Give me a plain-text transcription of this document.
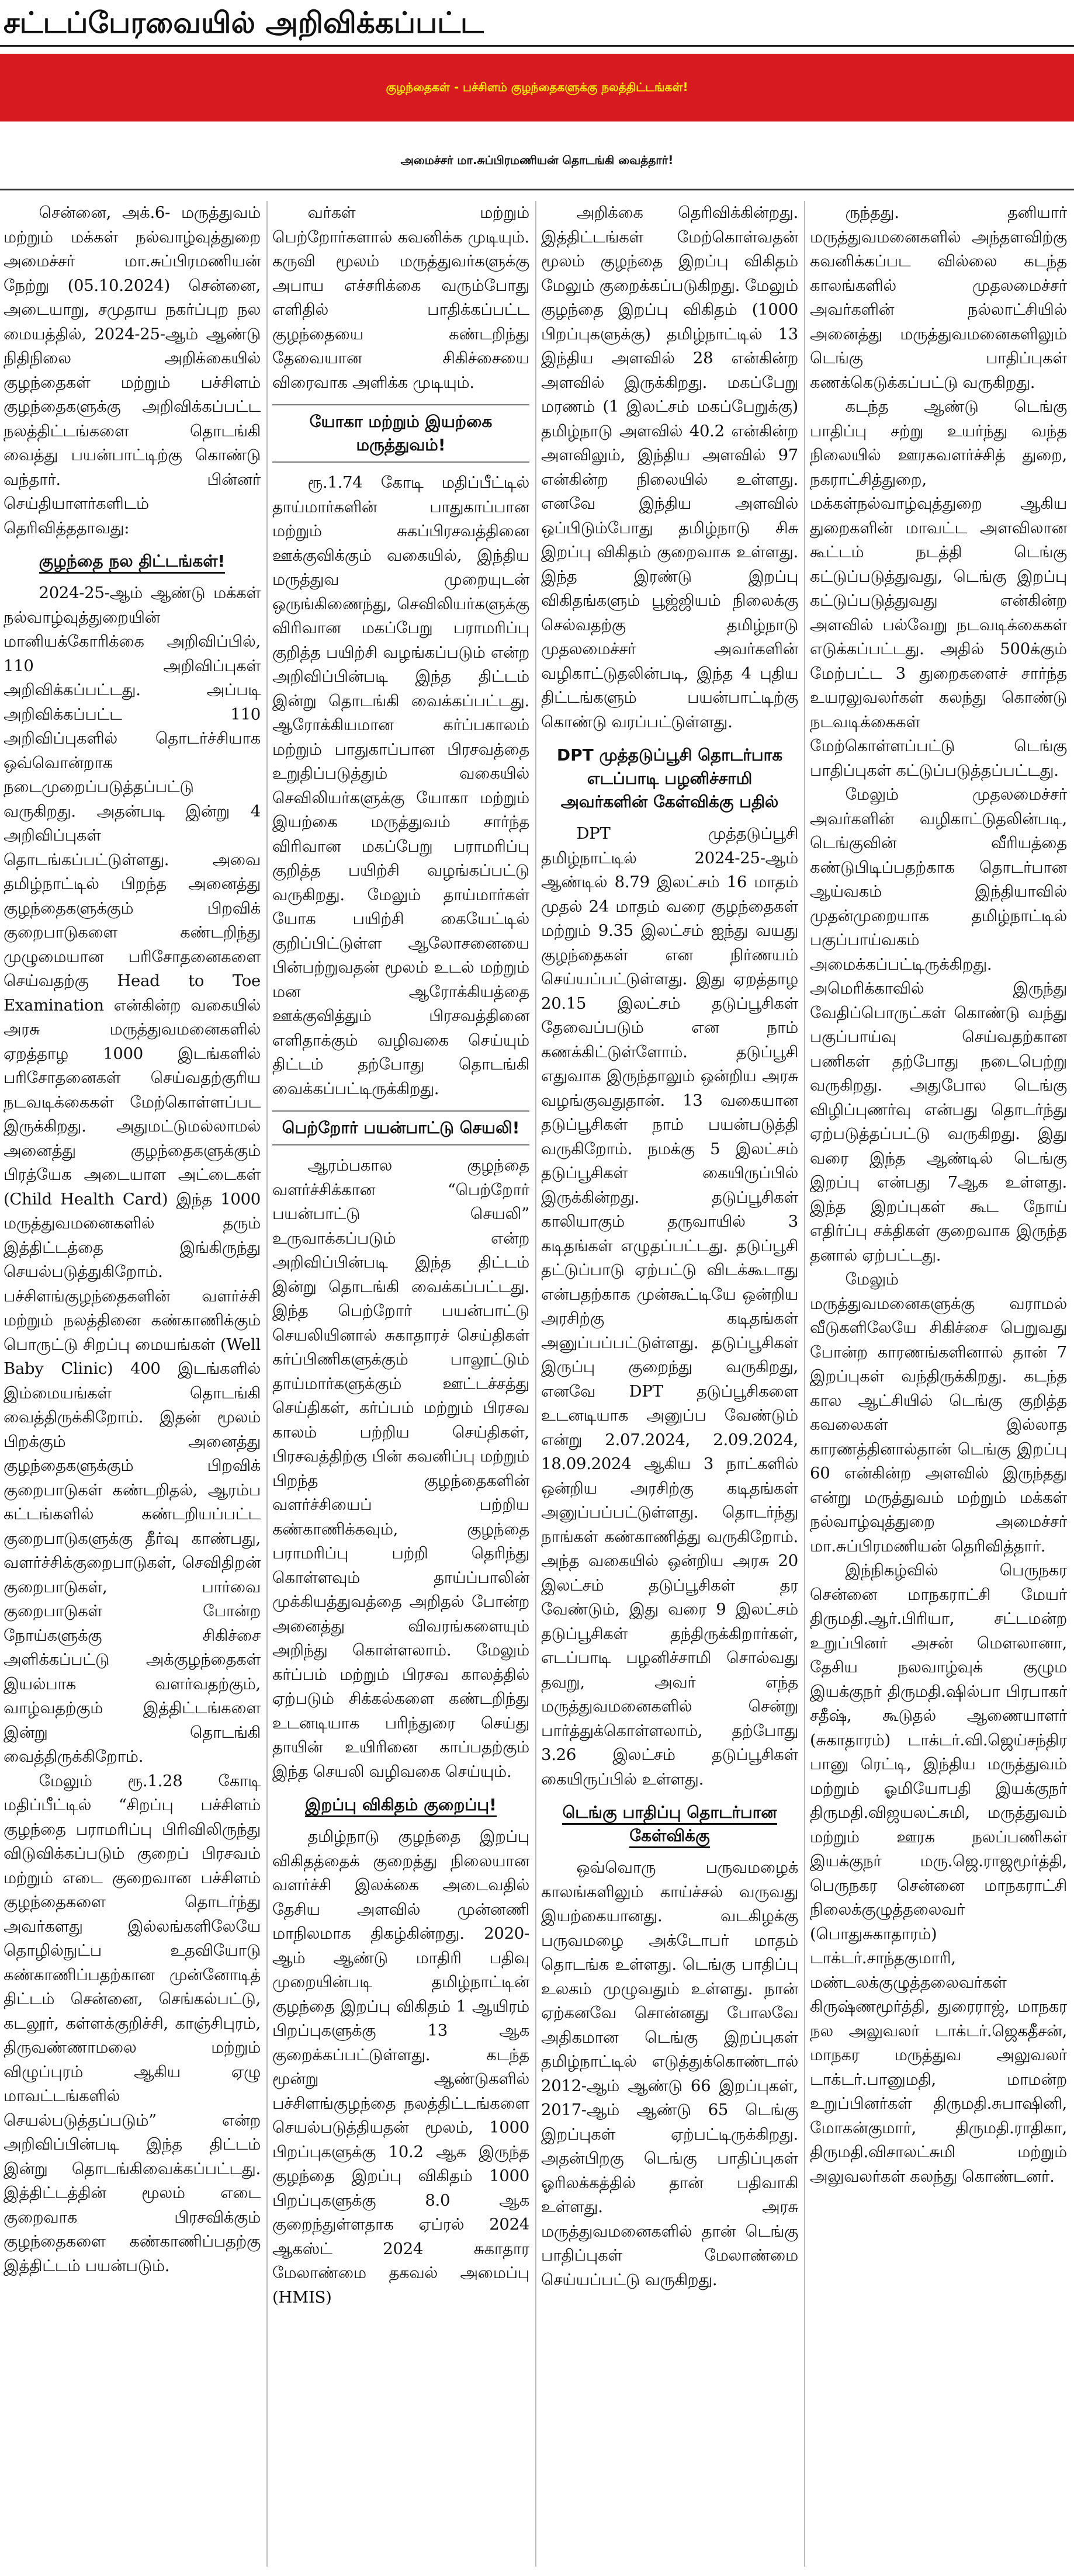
சட்டப்பேரவையில் அறிவிக்கப்பட்ட
குழந்தைகள் - பச்சிளம் குழந்தைகளுக்கு நலத்திட்டங்கள்!
அமைச்சர் மா.சுப்பிரமணியன் தொடங்கி வைத்தார்!

சென்னை, அக்.6- மருத்துவம் மற்றும் மக்கள் நல்வாழ்வுத்துறை அமைச்சர் மா.சுப்பிரமணியன் நேற்று (05.10.2024) சென்னை, அடையாறு, சமுதாய நகர்ப்புற நல மையத்தில், 2024-25-ஆம் ஆண்டு நிதிநிலை அறிக்கையில் குழந்தைகள் மற்றும் பச்சிளம் குழந்தைகளுக்கு அறிவிக்கப்பட்ட நலத்திட்டங்களை தொடங்கி வைத்து பயன்பாட்டிற்கு கொண்டு வந்தார். பின்னர் செய்தியாளர்களிடம் தெரிவித்ததாவது:

குழந்தை நல திட்டங்கள்!

2024-25-ஆம் ஆண்டு மக்கள் நல்வாழ்வுத்துறையின் மானியக்கோரிக்கை அறிவிப்பில், 110 அறிவிப்புகள் அறிவிக்கப்பட்டது. அப்படி அறிவிக்கப்பட்ட 110 அறிவிப்புகளில் தொடர்ச்சியாக ஒவ்வொன்றாக நடைமுறைப்படுத்தப்பட்டு வருகிறது. அதன்படி இன்று 4 அறிவிப்புகள் தொடங்கப்பட்டுள்ளது. அவை தமிழ்நாட்டில் பிறந்த அனைத்து குழந்தைகளுக்கும் பிறவிக் குறைபாடுகளை கண்டறிந்து முழுமையான பரிசோதனைகளை செய்வதற்கு Head to Toe Examination என்கின்ற வகையில் அரசு மருத்துவமனைகளில் ஏறத்தாழ 1000 இடங்களில் பரிசோதனைகள் செய்வதற்குரிய நடவடிக்கைகள் மேற்கொள்ளப்பட இருக்கிறது. அதுமட்டுமல்லாமல் அனைத்து குழந்தைகளுக்கும் பிரத்யேக அடையாள அட்டைகள் (Child Health Card) இந்த 1000 மருத்துவமனைகளில் தரும் இத்திட்டத்தை இங்கிருந்து செயல்படுத்துகிறோம். பச்சிளங்குழந்தைகளின் வளர்ச்சி மற்றும் நலத்தினை கண்காணிக்கும் பொருட்டு சிறப்பு மையங்கள் (Well Baby Clinic) 400 இடங்களில் இம்மையங்கள் தொடங்கி வைத்திருக்கிறோம். இதன் மூலம் பிறக்கும் அனைத்து குழந்தைகளுக்கும் பிறவிக் குறைபாடுகள் கண்டறிதல், ஆரம்ப கட்டங்களில் கண்டறியப்பட்ட குறைபாடுகளுக்கு தீர்வு காண்பது, வளர்ச்சிக்குறைபாடுகள், செவிதிறன் குறைபாடுகள், பார்வை குறைபாடுகள் போன்ற நோய்களுக்கு சிகிச்சை அளிக்கப்பட்டு அக்குழந்தைகள் இயல்பாக வளர்வதற்கும், வாழ்வதற்கும் இத்திட்டங்களை இன்று தொடங்கி வைத்திருக்கிறோம்.

மேலும் ரூ.1.28 கோடி மதிப்பீட்டில் “சிறப்பு பச்சிளம் குழந்தை பராமரிப்பு பிரிவிலிருந்து விடுவிக்கப்படும் குறைப் பிரசவம் மற்றும் எடை குறைவான பச்சிளம் குழந்தைகளை தொடர்ந்து அவர்களது இல்லங்களிலேயே தொழில்நுட்ப உதவியோடு கண்காணிப்பதற்கான முன்னோடித் திட்டம் சென்னை, செங்கல்பட்டு, கடலூர், கள்ளக்குறிச்சி, காஞ்சிபுரம், திருவண்ணாமலை மற்றும் விழுப்புரம் ஆகிய ஏழு மாவட்டங்களில் செயல்படுத்தப்படும்” என்ற அறிவிப்பின்படி இந்த திட்டம் இன்று தொடங்கிவைக்கப்பட்டது. இத்திட்டத்தின் மூலம் எடை குறைவாக பிரசவிக்கும் குழந்தைகளை கண்காணிப்பதற்கு இத்திட்டம் பயன்படும்.

வர்கள் மற்றும் பெற்றோர்களால் கவனிக்க முடியும். கருவி மூலம் மருத்துவர்களுக்கு அபாய எச்சரிக்கை வரும்போது எளிதில் பாதிக்கப்பட்ட குழந்தையை கண்டறிந்து தேவையான சிகிச்சையை விரைவாக அளிக்க முடியும்.

யோகா மற்றும் இயற்கை மருத்துவம்!

ரூ.1.74 கோடி மதிப்பீட்டில் தாய்மார்களின் பாதுகாப்பான மற்றும் சுகப்பிரசவத்தினை ஊக்குவிக்கும் வகையில், இந்திய மருத்துவ முறையுடன் ஒருங்கிணைந்து, செவிலியர்களுக்கு விரிவான மகப்பேறு பராமரிப்பு குறித்த பயிற்சி வழங்கப்படும் என்ற அறிவிப்பின்படி இந்த திட்டம் இன்று தொடங்கி வைக்கப்பட்டது. ஆரோக்கியமான கர்ப்பகாலம் மற்றும் பாதுகாப்பான பிரசவத்தை உறுதிப்படுத்தும் வகையில் செவிலியர்களுக்கு யோகா மற்றும் இயற்கை மருத்துவம் சார்ந்த விரிவான மகப்பேறு பராமரிப்பு குறித்த பயிற்சி வழங்கப்பட்டு வருகிறது. மேலும் தாய்மார்கள் யோக பயிற்சி கையேட்டில் குறிப்பிட்டுள்ள ஆலோசனையை பின்பற்றுவதன் மூலம் உடல் மற்றும் மன ஆரோக்கியத்தை ஊக்குவித்தும் பிரசவத்தினை எளிதாக்கும் வழிவகை செய்யும் திட்டம் தற்போது தொடங்கி வைக்கப்பட்டிருக்கிறது.

பெற்றோர் பயன்பாட்டு செயலி!

ஆரம்பகால குழந்தை வளர்ச்சிக்கான “பெற்றோர் பயன்பாட்டு செயலி” உருவாக்கப்படும் என்ற அறிவிப்பின்படி இந்த திட்டம் இன்று தொடங்கி வைக்கப்பட்டது. இந்த பெற்றோர் பயன்பாட்டு செயலியினால் சுகாதாரச் செய்திகள் கர்ப்பிணிகளுக்கும் பாலூட்டும் தாய்மார்களுக்கும் ஊட்டச்சத்து செய்திகள், கர்ப்பம் மற்றும் பிரசவ காலம் பற்றிய செய்திகள், பிரசவத்திற்கு பின் கவனிப்பு மற்றும் பிறந்த குழந்தைகளின் வளர்ச்சியைப் பற்றிய கண்காணிக்கவும், குழந்தை பராமரிப்பு பற்றி தெரிந்து கொள்ளவும் தாய்ப்பாலின் முக்கியத்துவத்தை அறிதல் போன்ற அனைத்து விவரங்களையும் அறிந்து கொள்ளலாம். மேலும் கர்ப்பம் மற்றும் பிரசவ காலத்தில் ஏற்படும் சிக்கல்களை கண்டறிந்து உடனடியாக பரிந்துரை செய்து தாயின் உயிரினை காப்பதற்கும் இந்த செயலி வழிவகை செய்யும்.

இறப்பு விகிதம் குறைப்பு!

தமிழ்நாடு குழந்தை இறப்பு விகிதத்தைக் குறைத்து நிலையான வளர்ச்சி இலக்கை அடைவதில் தேசிய அளவில் முன்னணி மாநிலமாக திகழ்கின்றது. 2020-ஆம் ஆண்டு மாதிரி பதிவு முறையின்படி தமிழ்நாட்டின் குழந்தை இறப்பு விகிதம் 1 ஆயிரம் பிறப்புகளுக்கு 13 ஆக குறைக்கப்பட்டுள்ளது. கடந்த மூன்று ஆண்டுகளில் பச்சிளங்குழந்தை நலத்திட்டங்களை செயல்படுத்தியதன் மூலம், 1000 பிறப்புகளுக்கு 10.2 ஆக இருந்த குழந்தை இறப்பு விகிதம் 1000 பிறப்புகளுக்கு 8.0 ஆக குறைந்துள்ளதாக ஏப்ரல் 2024 ஆகஸ்ட் 2024 சுகாதார மேலாண்மை தகவல் அமைப்பு (HMIS)

அறிக்கை தெரிவிக்கின்றது. இத்திட்டங்கள் மேற்கொள்வதன் மூலம் குழந்தை இறப்பு விகிதம் மேலும் குறைக்கப்படுகிறது. மேலும் குழந்தை இறப்பு விகிதம் (1000 பிறப்புகளுக்கு) தமிழ்நாட்டில் 13 இந்திய அளவில் 28 என்கின்ற அளவில் இருக்கிறது. மகப்பேறு மரணம் (1 இலட்சம் மகப்பேறுக்கு) தமிழ்நாடு அளவில் 40.2 என்கின்ற அளவிலும், இந்திய அளவில் 97 என்கின்ற நிலையில் உள்ளது. எனவே இந்திய அளவில் ஒப்பிடும்போது தமிழ்நாடு சிசு இறப்பு விகிதம் குறைவாக உள்ளது. இந்த இரண்டு இறப்பு விகிதங்களும் பூஜ்ஜியம் நிலைக்கு செல்வதற்கு தமிழ்நாடு முதலமைச்சர் அவர்களின் வழிகாட்டுதலின்படி, இந்த 4 புதிய திட்டங்களும் பயன்பாட்டிற்கு கொண்டு வரப்பட்டுள்ளது.

DPT முத்தடுப்பூசி தொடர்பாக எடப்பாடி பழனிச்சாமி அவர்களின் கேள்விக்கு பதில்

DPT முத்தடுப்பூசி தமிழ்நாட்டில் 2024-25-ஆம் ஆண்டில் 8.79 இலட்சம் 16 மாதம் முதல் 24 மாதம் வரை குழந்தைகள் மற்றும் 9.35 இலட்சம் ஐந்து வயது குழந்தைகள் என நிர்ணயம் செய்யப்பட்டுள்ளது. இது ஏறத்தாழ 20.15 இலட்சம் தடுப்பூசிகள் தேவைப்படும் என நாம் கணக்கிட்டுள்ளோம். தடுப்பூசி எதுவாக இருந்தாலும் ஒன்றிய அரசு வழங்குவதுதான். 13 வகையான தடுப்பூசிகள் நாம் பயன்படுத்தி வருகிறோம். நமக்கு 5 இலட்சம் தடுப்பூசிகள் கையிருப்பில் இருக்கின்றது. தடுப்பூசிகள் காலியாகும் தருவாயில் 3 கடிதங்கள் எழுதப்பட்டது. தடுப்பூசி தட்டுப்பாடு ஏற்பட்டு விடக்கூடாது என்பதற்காக முன்கூட்டியே ஒன்றிய அரசிற்கு கடிதங்கள் அனுப்பப்பட்டுள்ளது. தடுப்பூசிகள் இருப்பு குறைந்து வருகிறது, எனவே DPT தடுப்பூசிகளை உடனடியாக அனுப்ப வேண்டும் என்று 2.07.2024, 2.09.2024, 18.09.2024 ஆகிய 3 நாட்களில் ஒன்றிய அரசிற்கு கடிதங்கள் அனுப்பப்பட்டுள்ளது. தொடர்ந்து நாங்கள் கண்காணித்து வருகிறோம். அந்த வகையில் ஒன்றிய அரசு 20 இலட்சம் தடுப்பூசிகள் தர வேண்டும், இது வரை 9 இலட்சம் தடுப்பூசிகள் தந்திருக்கிறார்கள், எடப்பாடி பழனிச்சாமி சொல்வது தவறு, அவர் எந்த மருத்துவமனைகளில் சென்று பார்த்துக்கொள்ளலாம், தற்போது 3.26 இலட்சம் தடுப்பூசிகள் கையிருப்பில் உள்ளது.

டெங்கு பாதிப்பு தொடர்பான கேள்விக்கு

ஒவ்வொரு பருவமழைக் காலங்களிலும் காய்ச்சல் வருவது இயற்கையானது. வடகிழக்கு பருவமழை அக்டோபர் மாதம் தொடங்க உள்ளது. டெங்கு பாதிப்பு உலகம் முழுவதும் உள்ளது. நான் ஏற்கனவே சொன்னது போலவே அதிகமான டெங்கு இறப்புகள் தமிழ்நாட்டில் எடுத்துக்கொண்டால் 2012-ஆம் ஆண்டு 66 இறப்புகள், 2017-ஆம் ஆண்டு 65 டெங்கு இறப்புகள் ஏற்பட்டிருக்கிறது. அதன்பிறகு டெங்கு பாதிப்புகள் ஓரிலக்கத்தில் தான் பதிவாகி உள்ளது. அரசு மருத்துவமனைகளில் தான் டெங்கு பாதிப்புகள் மேலாண்மை செய்யப்பட்டு வருகிறது.

ருந்தது. தனியார் மருத்துவமனைகளில் அந்தளவிற்கு கவனிக்கப்பட வில்லை கடந்த காலங்களில் முதலமைச்சர் அவர்களின் நல்லாட்சியில் அனைத்து மருத்துவமனைகளிலும் டெங்கு பாதிப்புகள் கணக்கெடுக்கப்பட்டு வருகிறது.

கடந்த ஆண்டு டெங்கு பாதிப்பு சற்று உயர்ந்து வந்த நிலையில் ஊரகவளர்ச்சித் துறை, நகராட்சித்துறை, மக்கள்நல்வாழ்வுத்துறை ஆகிய துறைகளின் மாவட்ட அளவிலான கூட்டம் நடத்தி டெங்கு கட்டுப்படுத்துவது, டெங்கு இறப்பு கட்டுப்படுத்துவது என்கின்ற அளவில் பல்வேறு நடவடிக்கைகள் எடுக்கப்பட்டது. அதில் 500க்கும் மேற்பட்ட 3 துறைகளைச் சார்ந்த உயரலுவலர்கள் கலந்து கொண்டு நடவடிக்கைகள் மேற்கொள்ளப்பட்டு டெங்கு பாதிப்புகள் கட்டுப்படுத்தப்பட்டது.

மேலும் முதலமைச்சர் அவர்களின் வழிகாட்டுதலின்படி, டெங்குவின் வீரியத்தை கண்டுபிடிப்பதற்காக தொடர்பான ஆய்வகம் இந்தியாவில் முதன்முறையாக தமிழ்நாட்டில் பகுப்பாய்வகம் அமைக்கப்பட்டிருக்கிறது. அமெரிக்காவில் இருந்து வேதிப்பொருட்கள் கொண்டு வந்து பகுப்பாய்வு செய்வதற்கான பணிகள் தற்போது நடைபெற்று வருகிறது. அதுபோல டெங்கு விழிப்புணர்வு என்பது தொடர்ந்து ஏற்படுத்தப்பட்டு வருகிறது. இது வரை இந்த ஆண்டில் டெங்கு இறப்பு என்பது 7ஆக உள்ளது. இந்த இறப்புகள் கூட நோய் எதிர்ப்பு சக்திகள் குறைவாக இருந்த தனால் ஏற்பட்டது.

மேலும் மருத்துவமனைகளுக்கு வராமல் வீடுகளிலேயே சிகிச்சை பெறுவது போன்ற காரணங்களினால் தான் 7 இறப்புகள் வந்திருக்கிறது. கடந்த கால ஆட்சியில் டெங்கு குறித்த கவலைகள் இல்லாத காரணத்தினால்தான் டெங்கு இறப்பு 60 என்கின்ற அளவில் இருந்தது என்று மருத்துவம் மற்றும் மக்கள் நல்வாழ்வுத்துறை அமைச்சர் மா.சுப்பிரமணியன் தெரிவித்தார்.

இந்நிகழ்வில் பெருநகர சென்னை மாநகராட்சி மேயர் திருமதி.ஆர்.பிரியா, சட்டமன்ற உறுப்பினர் அசன் மௌலானா, தேசிய நலவாழ்வுக் குழும இயக்குநர் திருமதி.ஷில்பா பிரபாகர் சதீஷ், கூடுதல் ஆணையாளர் (சுகாதாரம்) டாக்டர்.வி.ஜெய்சந்திர பானு ரெட்டி, இந்திய மருத்துவம் மற்றும் ஓமியோபதி இயக்குநர் திருமதி.விஜயலட்சுமி, மருத்துவம் மற்றும் ஊரக நலப்பணிகள் இயக்குநர் மரு.ஜெ.ராஜமூர்த்தி, பெருநகர சென்னை மாநகராட்சி நிலைக்குழுத்தலைவர் (பொதுசுகாதாரம்) டாக்டர்.சாந்தகுமாரி, மண்டலக்குழுத்தலைவர்கள் கிருஷ்ணமூர்த்தி, துரைராஜ், மாநகர நல அலுவலர் டாக்டர்.ஜெகதீசன், மாநகர மருத்துவ அலுவலர் டாக்டர்.பானுமதி, மாமன்ற உறுப்பினர்கள் திருமதி.சுபாஷினி, மோகன்குமார், திருமதி.ராதிகா, திருமதி.விசாலட்சுமி மற்றும் அலுவலர்கள் கலந்து கொண்டனர்.
